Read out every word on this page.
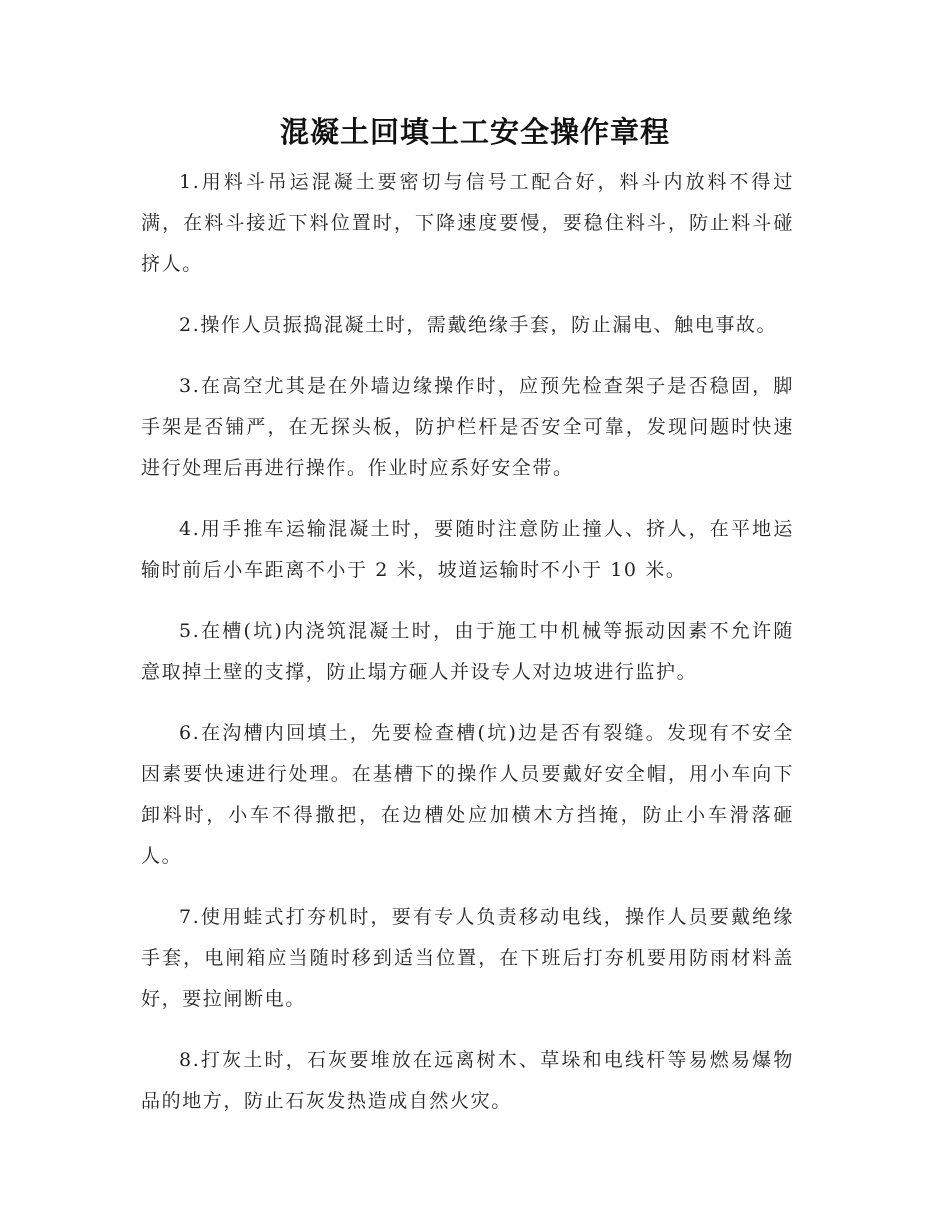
混凝土回填土工安全操作章程

1.用料斗吊运混凝土要密切与信号工配合好，料斗内放料不得过满，在料斗接近下料位置时，下降速度要慢，要稳住料斗，防止料斗碰挤人。

2.操作人员振捣混凝土时，需戴绝缘手套，防止漏电、触电事故。

3.在高空尤其是在外墙边缘操作时，应预先检查架子是否稳固，脚手架是否铺严，在无探头板，防护栏杆是否安全可靠，发现问题时快速进行处理后再进行操作。作业时应系好安全带。

4.用手推车运输混凝土时，要随时注意防止撞人、挤人，在平地运输时前后小车距离不小于 2 米，坡道运输时不小于 10 米。

5.在槽(坑)内浇筑混凝土时，由于施工中机械等振动因素不允许随意取掉土壁的支撑，防止塌方砸人并设专人对边坡进行监护。

6.在沟槽内回填土，先要检查槽(坑)边是否有裂缝。发现有不安全因素要快速进行处理。在基槽下的操作人员要戴好安全帽，用小车向下卸料时，小车不得撒把，在边槽处应加横木方挡掩，防止小车滑落砸人。

7.使用蛙式打夯机时，要有专人负责移动电线，操作人员要戴绝缘手套，电闸箱应当随时移到适当位置，在下班后打夯机要用防雨材料盖好，要拉闸断电。

8.打灰土时，石灰要堆放在远离树木、草垛和电线杆等易燃易爆物品的地方，防止石灰发热造成自然火灾。
